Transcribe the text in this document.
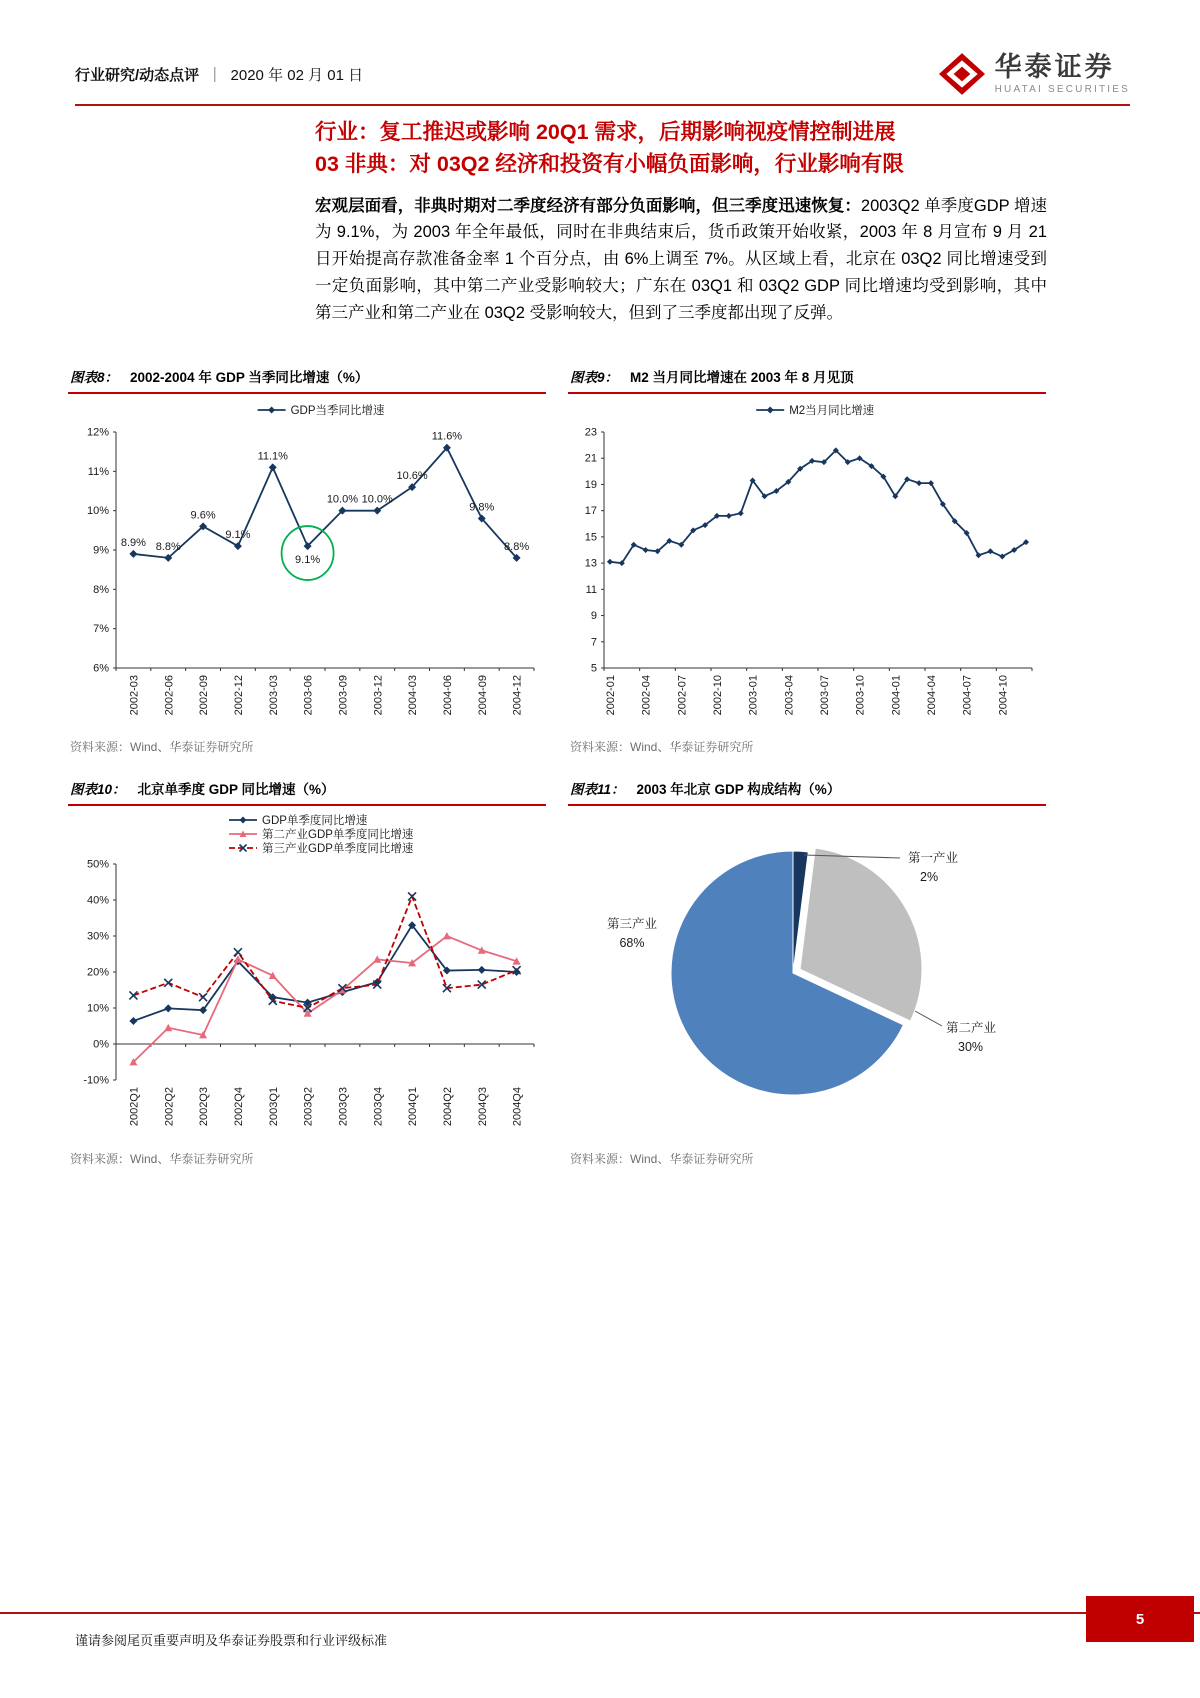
行业研究/动态点评 ｜ 2020 年 02 月 01 日	华泰证券
HUATAI SECURITIES
行业：复工推迟或影响 20Q1 需求，后期影响视疫情控制进展
03 非典：对 03Q2 经济和投资有小幅负面影响，行业影响有限

宏观层面看，非典时期对二季度经济有部分负面影响，但三季度迅速恢复：2003Q2 单季度GDP 增速为 9.1%，为 2003 年全年最低，同时在非典结束后，货币政策开始收紧，2003 年 8 月宣布 9 月 21 日开始提高存款准备金率 1 个百分点，由 6%上调至 7%。从区域上看，北京在 03Q2 同比增速受到一定负面影响，其中第二产业受影响较大；广东在 03Q1 和 03Q2 GDP 同比增速均受到影响，其中第三产业和第二产业在 03Q2 受影响较大，但到了三季度都出现了反弹。

图表8： 2002-2004 年 GDP 当季同比增速（%）
6%
7%
8%
9%
10%
11%
12%
2002-03 2002-06 2002-09 2002-12 2003-03 2003-06 2003-09 2003-12 2004-03 2004-06 2004-09 2004-12
8.9% 8.8%
9.6%
9.1%
11.1%
9.1%
10.0% 10.0%
10.6%
11.6%
9.8%
8.8%
GDP当季同比增速
资料来源：Wind、华泰证券研究所
图表9： M2 当月同比增速在 2003 年 8 月见顶
5
7
9
11
13
15
17
19
21
23
2002-01 2002-04 2002-07 2002-10 2003-01 2003-04 2003-07 2003-10 2004-01 2004-04 2004-07 2004-10
M2当月同比增速
资料来源：Wind、华泰证券研究所
图表10： 北京单季度 GDP 同比增速（%）
-10%
0%
10%
20%
30%
40%
50%
2002Q1 2002Q2 2002Q3 2002Q4 2003Q1 2003Q2 2003Q3 2003Q4 2004Q1 2004Q2 2004Q3 2004Q4
GDP单季度同比增速
第二产业GDP单季度同比增速
第三产业GDP单季度同比增速
资料来源：Wind、华泰证券研究所
图表11： 2003 年北京 GDP 构成结构（%）
第一产业
2%
第二产业
30%
第三产业
68%
资料来源：Wind、华泰证券研究所
谨请参阅尾页重要声明及华泰证券股票和行业评级标准
5
